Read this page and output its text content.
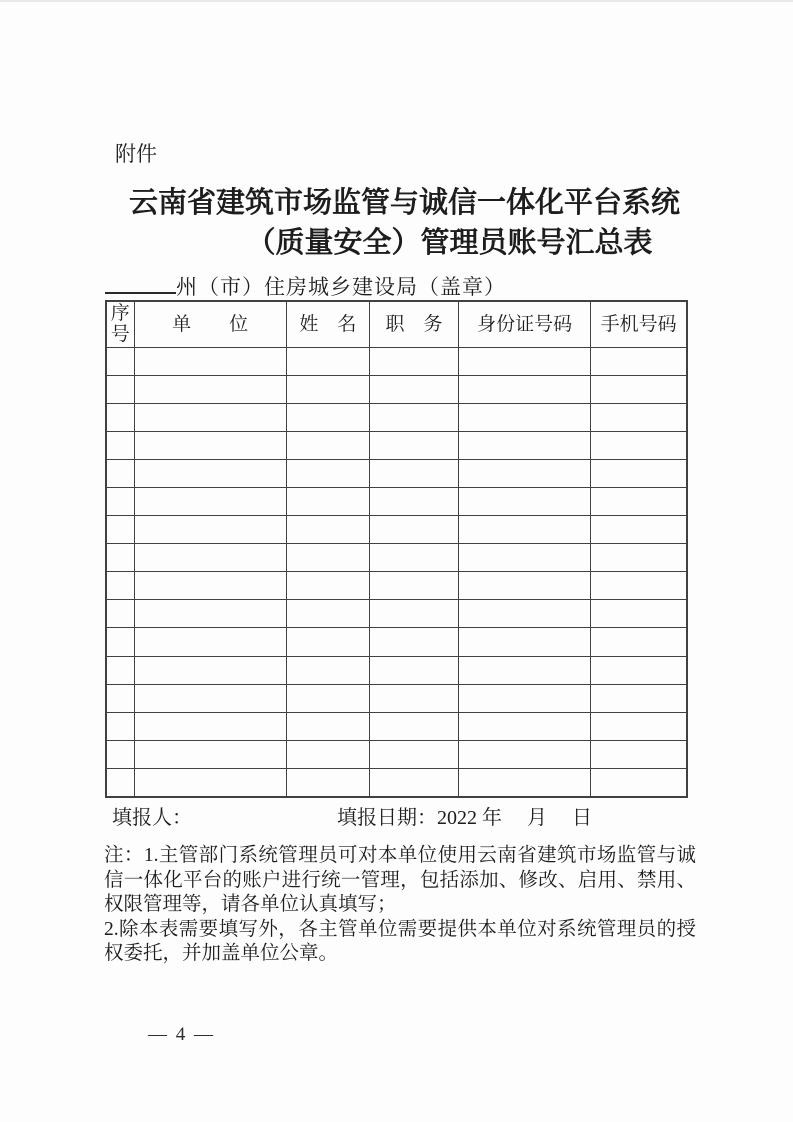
附件
云南省建筑市场监管与诚信一体化平台系统
（质量安全）管理员账号汇总表
州（市）住房城乡建设局（盖章）
序号	单　　位	姓　名	职　务	身份证号码	手机号码

填报人：	填报日期：2022 年　 月　 日

注：1.主管部门系统管理员可对本单位使用云南省建筑市场监管与诚信一体化平台的账户进行统一管理，包括添加、修改、启用、禁用、权限管理等，请各单位认真填写；

2.除本表需要填写外，各主管单位需要提供本单位对系统管理员的授权委托，并加盖单位公章。

— 4 —
